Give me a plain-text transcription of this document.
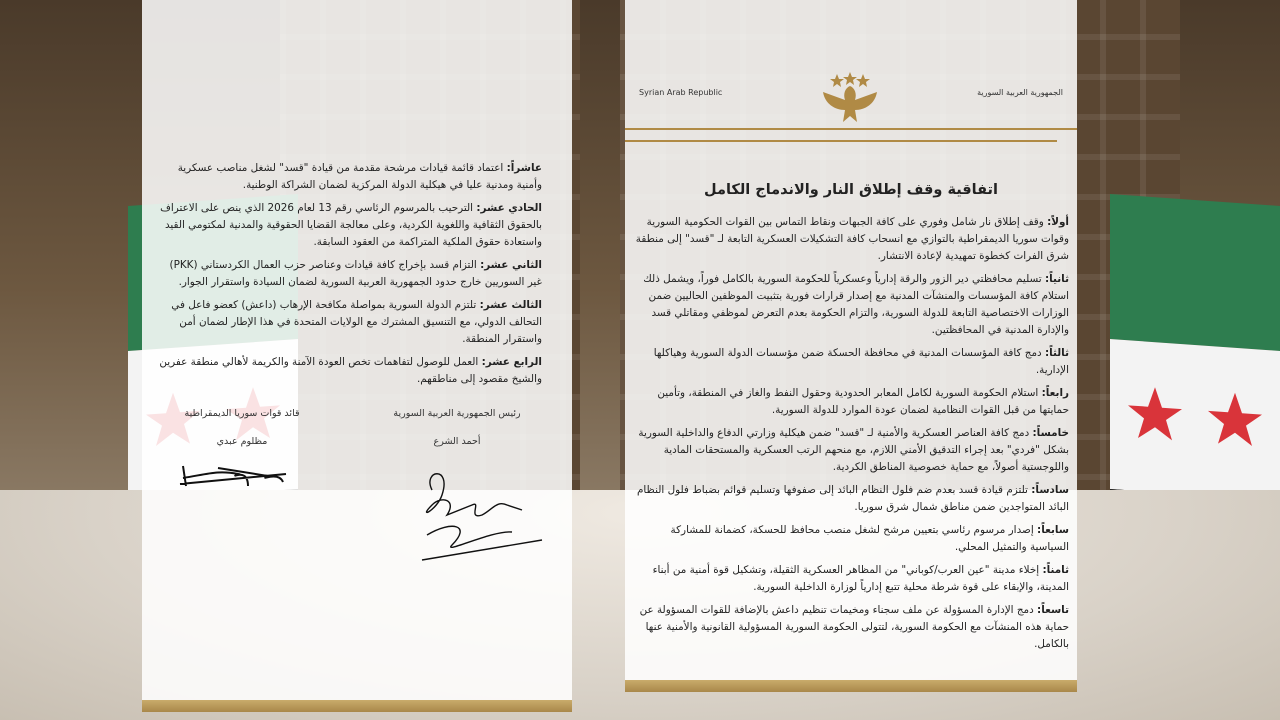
Syrian Arab Republic	الجمهورية العربية السورية

اتفاقية وقف إطلاق النار والاندماج الكامل

أولاً: وقف إطلاق نار شامل وفوري على كافة الجبهات ونقاط التماس بين القوات الحكومية السورية وقوات سوريا الديمقراطية بالتوازي مع انسحاب كافة التشكيلات العسكرية التابعة لـ "قسد" إلى منطقة شرق الفرات كخطوة تمهيدية لإعادة الانتشار.

ثانياً: تسليم محافظتي دير الزور والرقة إدارياً وعسكرياً للحكومة السورية بالكامل فوراً، ويشمل ذلك استلام كافة المؤسسات والمنشآت المدنية مع إصدار قرارات فورية بتثبيت الموظفين الحاليين ضمن الوزارات الاختصاصية التابعة للدولة السورية، والتزام الحكومة بعدم التعرض لموظفي ومقاتلي قسد والإدارة المدنية في المحافظتين.

ثالثاً: دمج كافة المؤسسات المدنية في محافظة الحسكة ضمن مؤسسات الدولة السورية وهياكلها الإدارية.

رابعاً: استلام الحكومة السورية لكامل المعابر الحدودية وحقول النفط والغاز في المنطقة، وتأمين حمايتها من قبل القوات النظامية لضمان عودة الموارد للدولة السورية.

خامساً: دمج كافة العناصر العسكرية والأمنية لـ "قسد" ضمن هيكلية وزارتي الدفاع والداخلية السورية بشكل "فردي" بعد إجراء التدقيق الأمني اللازم، مع منحهم الرتب العسكرية والمستحقات المادية واللوجستية أصولاً، مع حماية خصوصية المناطق الكردية.

سادساً: تلتزم قيادة قسد بعدم ضم فلول النظام البائد إلى صفوفها وتسليم قوائم بضباط فلول النظام البائد المتواجدين ضمن مناطق شمال شرق سوريا.

سابعاً: إصدار مرسوم رئاسي بتعيين مرشح لشغل منصب محافظ للحسكة، كضمانة للمشاركة السياسية والتمثيل المحلي.

ثامناً: إخلاء مدينة "عين العرب/كوباني" من المظاهر العسكرية الثقيلة، وتشكيل قوة أمنية من أبناء المدينة، والإبقاء على قوة شرطة محلية تتبع إدارياً لوزارة الداخلية السورية.

تاسعاً: دمج الإدارة المسؤولة عن ملف سجناء ومخيمات تنظيم داعش بالإضافة للقوات المسؤولة عن حماية هذه المنشآت مع الحكومة السورية، لتتولى الحكومة السورية المسؤولية القانونية والأمنية عنها بالكامل.

عاشراً: اعتماد قائمة قيادات مرشحة مقدمة من قيادة "قسد" لشغل مناصب عسكرية وأمنية ومدنية عليا في هيكلية الدولة المركزية لضمان الشراكة الوطنية.

الحادي عشر: الترحيب بالمرسوم الرئاسي رقم 13 لعام 2026 الذي ينص على الاعتراف بالحقوق الثقافية واللغوية الكردية، وعلى معالجة القضايا الحقوقية والمدنية لمكتومي القيد واستعادة حقوق الملكية المتراكمة من العقود السابقة.

الثاني عشر: التزام قسد بإخراج كافة قيادات وعناصر حزب العمال الكردستاني (PKK) غير السوريين خارج حدود الجمهورية العربية السورية لضمان السيادة واستقرار الجوار.

الثالث عشر: تلتزم الدولة السورية بمواصلة مكافحة الإرهاب (داعش) كعضو فاعل في التحالف الدولي، مع التنسيق المشترك مع الولايات المتحدة في هذا الإطار لضمان أمن واستقرار المنطقة.

الرابع عشر: العمل للوصول لتفاهمات تخص العودة الآمنة والكريمة لأهالي منطقة عفرين والشيخ مقصود إلى مناطقهم.

رئيس الجمهورية العربية السورية
أحمد الشرع
قائد قوات سوريا الديمقراطية
مظلوم عبدي
